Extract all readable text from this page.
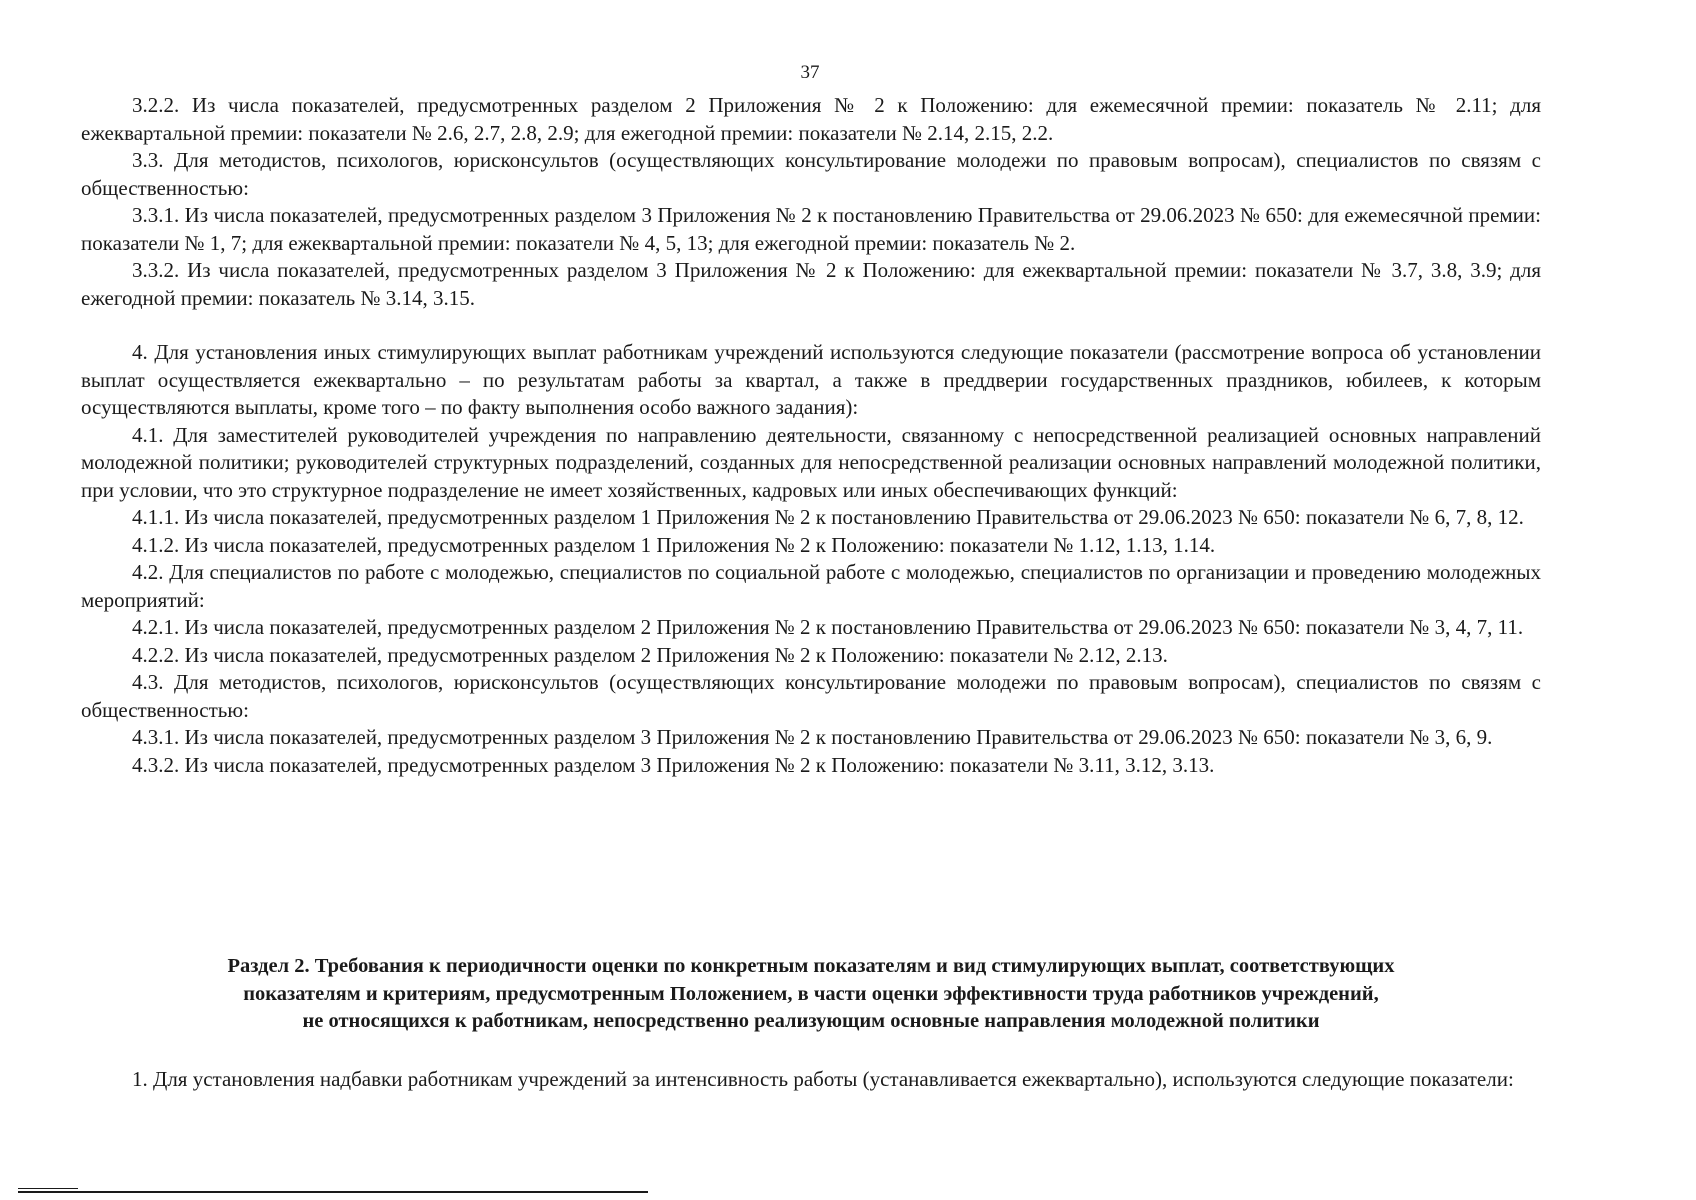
37

3.2.2. Из числа показателей, предусмотренных разделом 2 Приложения № 2 к Положению: для ежемесячной премии: показатель № 2.11; для ежеквартальной премии: показатели № 2.6, 2.7, 2.8, 2.9; для ежегодной премии: показатели № 2.14, 2.15, 2.2.

3.3. Для методистов, психологов, юрисконсультов (осуществляющих консультирование молодежи по правовым вопросам), специалистов по связям с общественностью:

3.3.1. Из числа показателей, предусмотренных разделом 3 Приложения № 2 к постановлению Правительства от 29.06.2023 № 650: для ежемесячной премии: показатели № 1, 7; для ежеквартальной премии: показатели № 4, 5, 13; для ежегодной премии: показатель № 2.

3.3.2. Из числа показателей, предусмотренных разделом 3 Приложения № 2 к Положению: для ежеквартальной премии: показатели № 3.7, 3.8, 3.9; для ежегодной премии: показатель № 3.14, 3.15.

4. Для установления иных стимулирующих выплат работникам учреждений используются следующие показатели (рассмотрение вопроса об установлении выплат осуществляется ежеквартально – по результатам работы за квартал, а также в преддверии государственных праздников, юбилеев, к которым осуществляются выплаты, кроме того – по факту выполнения особо важного задания):

4.1. Для заместителей руководителей учреждения по направлению деятельности, связанному с непосредственной реализацией основных направлений молодежной политики; руководителей структурных подразделений, созданных для непосредственной реализации основных направлений молодежной политики, при условии, что это структурное подразделение не имеет хозяйственных, кадровых или иных обеспечивающих функций:

4.1.1. Из числа показателей, предусмотренных разделом 1 Приложения № 2 к постановлению Правительства от 29.06.2023 № 650: показатели № 6, 7, 8, 12.

4.1.2. Из числа показателей, предусмотренных разделом 1 Приложения № 2 к Положению: показатели № 1.12, 1.13, 1.14.

4.2. Для специалистов по работе с молодежью, специалистов по социальной работе с молодежью, специалистов по организации и проведению молодежных мероприятий:

4.2.1. Из числа показателей, предусмотренных разделом 2 Приложения № 2 к постановлению Правительства от 29.06.2023 № 650: показатели № 3, 4, 7, 11.

4.2.2. Из числа показателей, предусмотренных разделом 2 Приложения № 2 к Положению: показатели № 2.12, 2.13.

4.3. Для методистов, психологов, юрисконсультов (осуществляющих консультирование молодежи по правовым вопросам), специалистов по связям с общественностью:

4.3.1. Из числа показателей, предусмотренных разделом 3 Приложения № 2 к постановлению Правительства от 29.06.2023 № 650: показатели № 3, 6, 9.

4.3.2. Из числа показателей, предусмотренных разделом 3 Приложения № 2 к Положению: показатели № 3.11, 3.12, 3.13.

Раздел 2. Требования к периодичности оценки по конкретным показателям и вид стимулирующих выплат, соответствующих
показателям и критериям, предусмотренным Положением, в части оценки эффективности труда работников учреждений,
не относящихся к работникам, непосредственно реализующим основные направления молодежной политики

1. Для установления надбавки работникам учреждений за интенсивность работы (устанавливается ежеквартально), используются следующие показатели:
